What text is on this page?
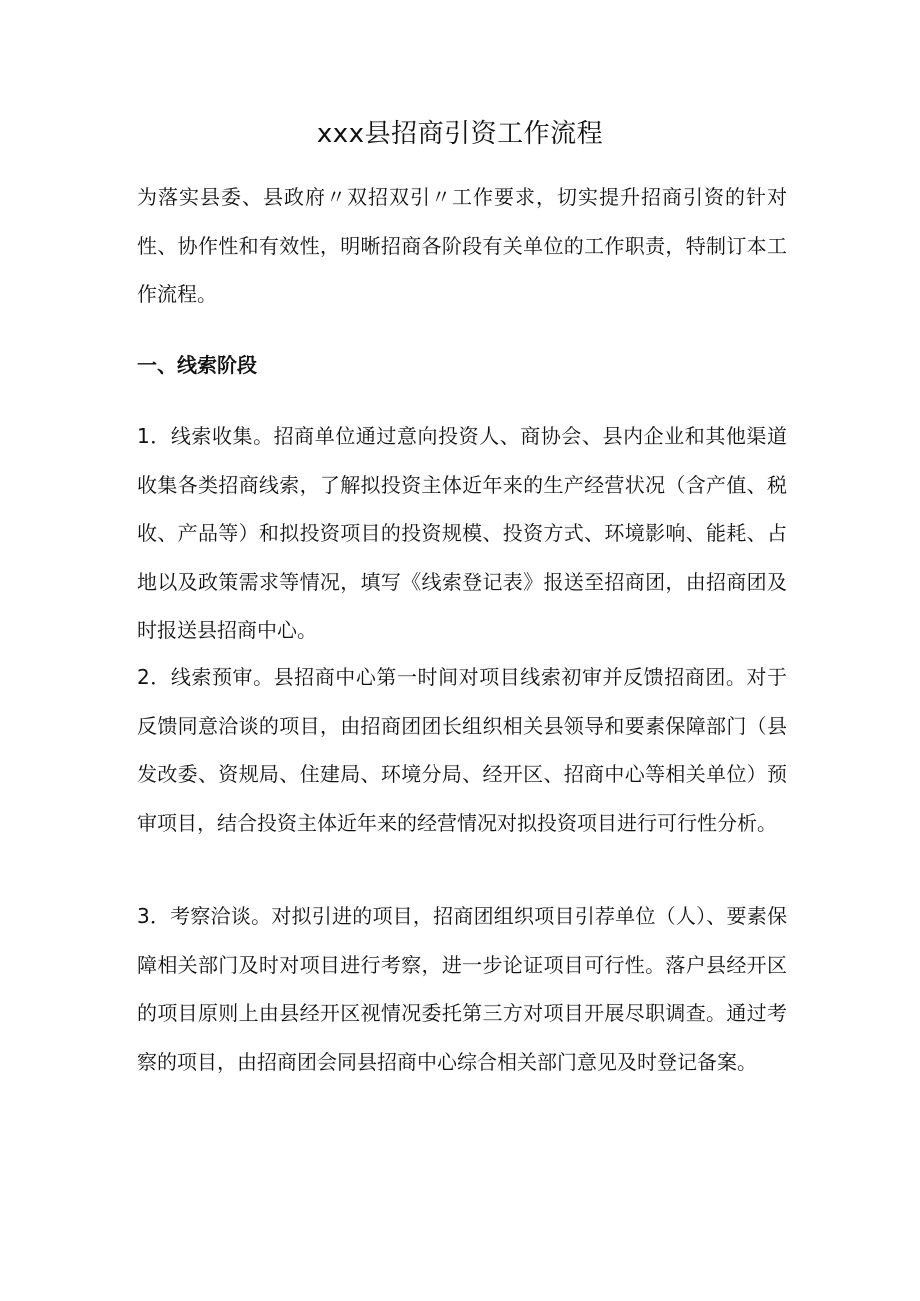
xxx县招商引资工作流程

为落实县委、县政府〃双招双引〃工作要求，切实提升招商引资的针对性、协作性和有效性，明晰招商各阶段有关单位的工作职责，特制订本工作流程。

一、线索阶段

1．线索收集。招商单位通过意向投资人、商协会、县内企业和其他渠道收集各类招商线索，了解拟投资主体近年来的生产经营状况（含产值、税收、产品等）和拟投资项目的投资规模、投资方式、环境影响、能耗、占地以及政策需求等情况，填写《线索登记表》报送至招商团，由招商团及时报送县招商中心。

2．线索预审。县招商中心第一时间对项目线索初审并反馈招商团。对于反馈同意洽谈的项目，由招商团团长组织相关县领导和要素保障部门（县发改委、资规局、住建局、环境分局、经开区、招商中心等相关单位）预审项目，结合投资主体近年来的经营情况对拟投资项目进行可行性分析。

3．考察洽谈。对拟引进的项目，招商团组织项目引荐单位（人）、要素保障相关部门及时对项目进行考察，进一步论证项目可行性。落户县经开区的项目原则上由县经开区视情况委托第三方对项目开展尽职调查。通过考察的项目，由招商团会同县招商中心综合相关部门意见及时登记备案。
